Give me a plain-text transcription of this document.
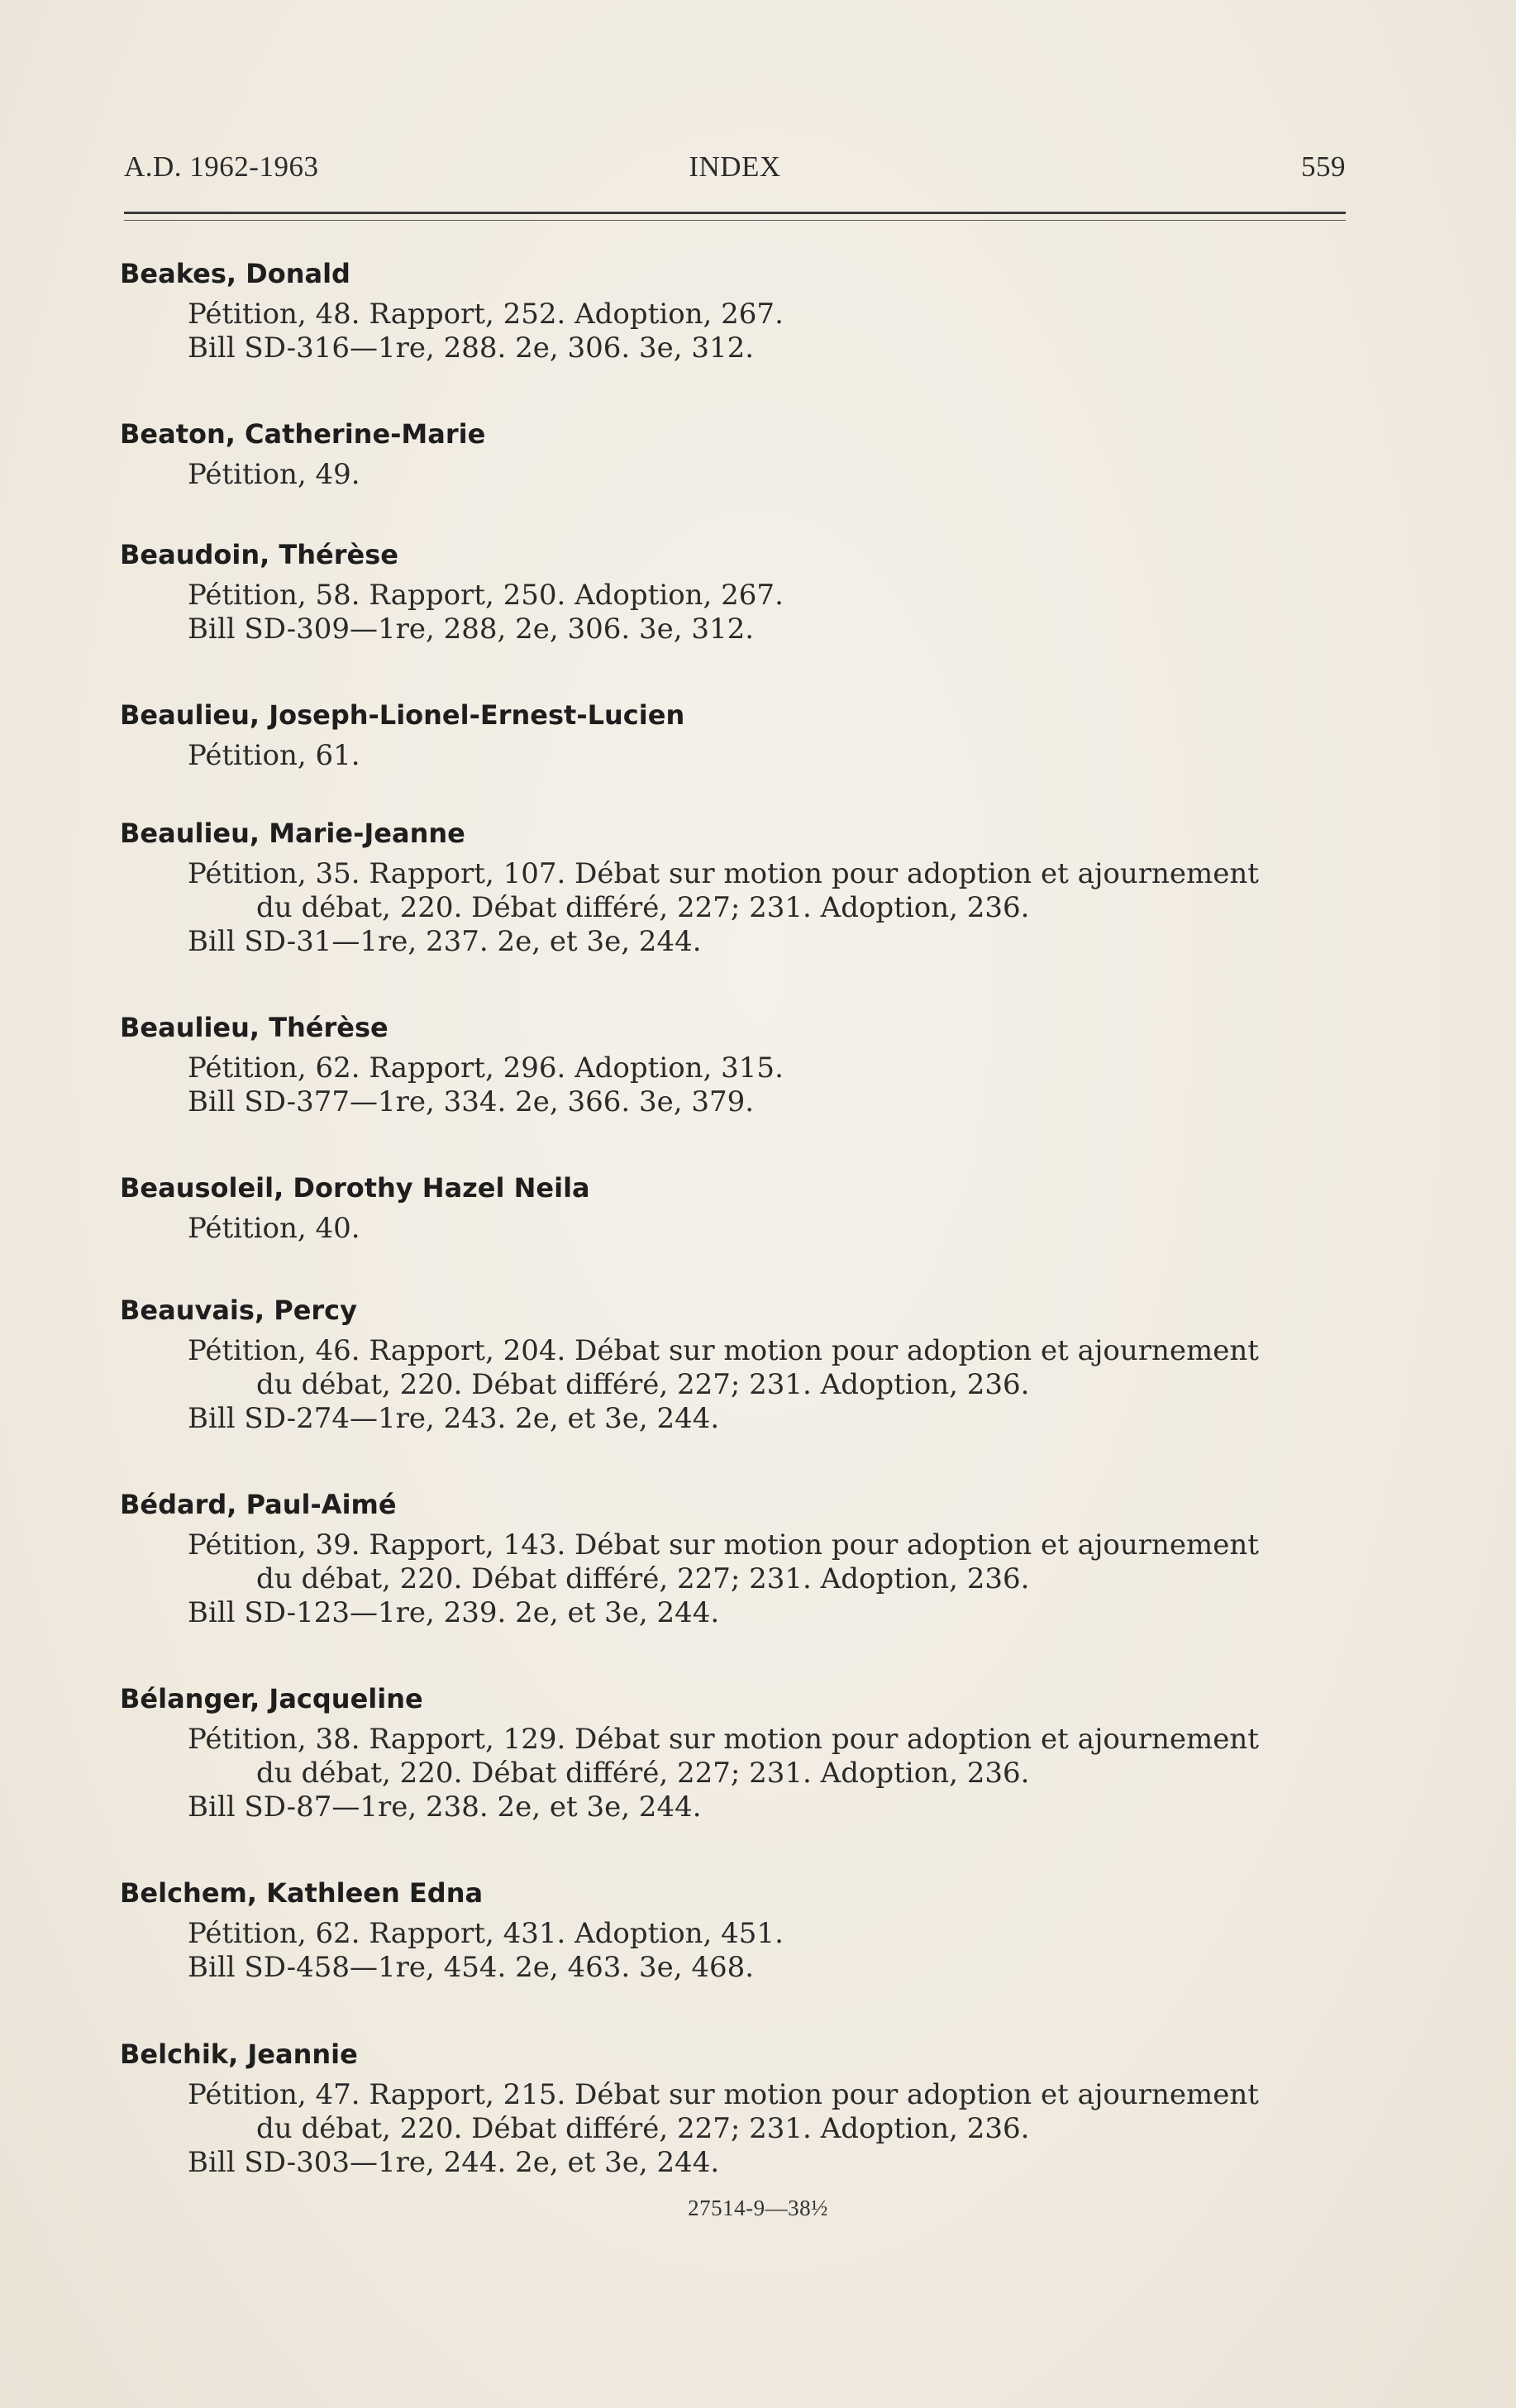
A.D. 1962-1963	INDEX	559
Beakes, Donald
Pétition, 48. Rapport, 252. Adoption, 267.
Bill SD-316—1re, 288. 2e, 306. 3e, 312.
Beaton, Catherine-Marie
Pétition, 49.
Beaudoin, Thérèse
Pétition, 58. Rapport, 250. Adoption, 267.
Bill SD-309—1re, 288, 2e, 306. 3e, 312.
Beaulieu, Joseph-Lionel-Ernest-Lucien
Pétition, 61.
Beaulieu, Marie-Jeanne
Pétition, 35. Rapport, 107. Débat sur motion pour adoption et ajournement
du débat, 220. Débat différé, 227; 231. Adoption, 236.
Bill SD-31—1re, 237. 2e, et 3e, 244.
Beaulieu, Thérèse
Pétition, 62. Rapport, 296. Adoption, 315.
Bill SD-377—1re, 334. 2e, 366. 3e, 379.
Beausoleil, Dorothy Hazel Neila
Pétition, 40.
Beauvais, Percy
Pétition, 46. Rapport, 204. Débat sur motion pour adoption et ajournement
du débat, 220. Débat différé, 227; 231. Adoption, 236.
Bill SD-274—1re, 243. 2e, et 3e, 244.
Bédard, Paul-Aimé
Pétition, 39. Rapport, 143. Débat sur motion pour adoption et ajournement
du débat, 220. Débat différé, 227; 231. Adoption, 236.
Bill SD-123—1re, 239. 2e, et 3e, 244.
Bélanger, Jacqueline
Pétition, 38. Rapport, 129. Débat sur motion pour adoption et ajournement
du débat, 220. Débat différé, 227; 231. Adoption, 236.
Bill SD-87—1re, 238. 2e, et 3e, 244.
Belchem, Kathleen Edna
Pétition, 62. Rapport, 431. Adoption, 451.
Bill SD-458—1re, 454. 2e, 463. 3e, 468.
Belchik, Jeannie
Pétition, 47. Rapport, 215. Débat sur motion pour adoption et ajournement
du débat, 220. Débat différé, 227; 231. Adoption, 236.
Bill SD-303—1re, 244. 2e, et 3e, 244.
27514-9—38½
